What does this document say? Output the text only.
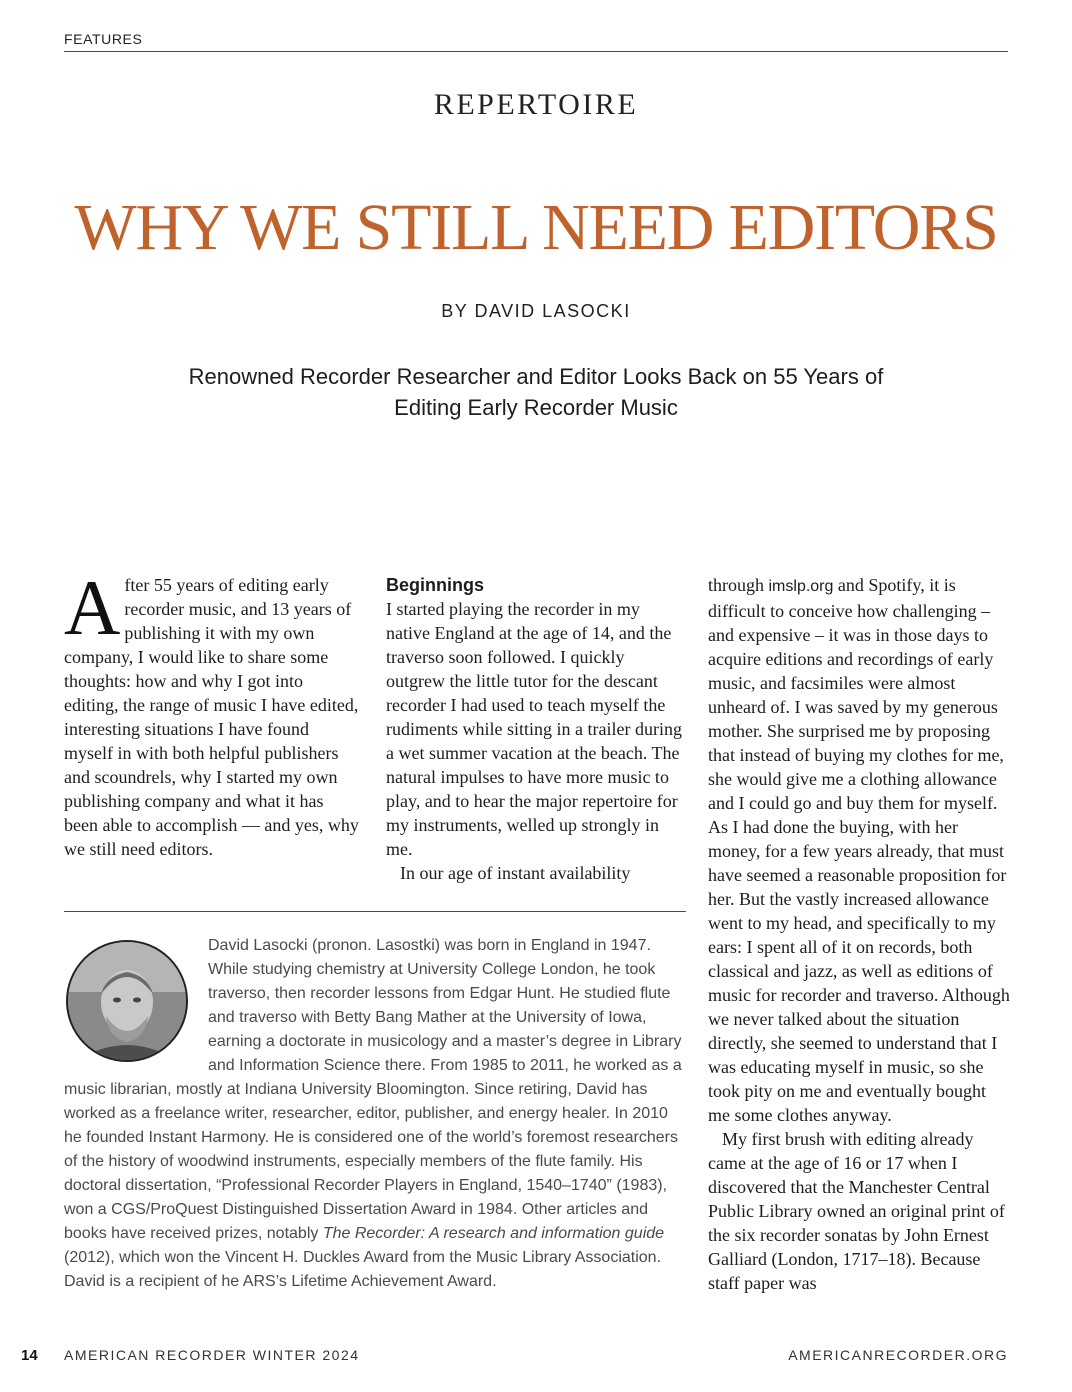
FEATURES
REPERTOIRE
WHY WE STILL NEED EDITORS
BY DAVID LASOCKI
Renowned Recorder Researcher and Editor Looks Back on 55 Years of Editing Early Recorder Music

After 55 years of editing early recorder music, and 13 years of publishing it with my own company, I would like to share some thoughts: how and why I got into editing, the range of music I have edited, interesting situations I have found myself in with both helpful publishers and scoundrels, why I started my own publishing company and what it has been able to accomplish — and yes, why we still need editors.

Beginnings

I started playing the recorder in my native England at the age of 14, and the traverso soon followed. I quickly outgrew the little tutor for the descant recorder I had used to teach myself the rudiments while sitting in a trailer during a wet summer vacation at the beach. The natural impulses to have more music to play, and to hear the major repertoire for my instruments, welled up strongly in me.

In our age of instant availability

through imslp.org and Spotify, it is difficult to conceive how challenging – and expensive – it was in those days to acquire editions and recordings of early music, and facsimiles were almost unheard of. I was saved by my generous mother. She surprised me by proposing that instead of buying my clothes for me, she would give me a clothing allowance and I could go and buy them for myself. As I had done the buying, with her money, for a few years already, that must have seemed a reasonable proposition for her. But the vastly increased allowance went to my head, and specifically to my ears: I spent all of it on records, both classical and jazz, as well as editions of music for recorder and traverso. Although we never talked about the situation directly, she seemed to understand that I was educating myself in music, so she took pity on me and eventually bought me some clothes anyway.

My first brush with editing already came at the age of 16 or 17 when I discovered that the Manchester Central Public Library owned an original print of the six recorder sonatas by John Ernest Galliard (London, 1717–18). Because staff paper was

David Lasocki (pronon. Lasostki) was born in England in 1947. While studying chemistry at University College London, he took traverso, then recorder lessons from Edgar Hunt. He studied flute and traverso with Betty Bang Mather at the University of Iowa, earning a doctorate in musicology and a master’s degree in Library and Information Science there. From 1985 to 2011, he worked as a music librarian, mostly at Indiana University Bloomington. Since retiring, David has worked as a freelance writer, researcher, editor, publisher, and energy healer. In 2010 he founded Instant Harmony. He is considered one of the world’s foremost researchers of the history of woodwind instruments, especially members of the flute family. His doctoral dissertation, “Professional Recorder Players in England, 1540–1740” (1983), won a CGS/ProQuest Distinguished Dissertation Award in 1984. Other articles and books have received prizes, notably The Recorder: A research and information guide (2012), which won the Vincent H. Duckles Award from the Music Library Association. David is a recipient of he ARS’s Lifetime Achievement Award.

14 AMERICAN RECORDER WINTER 2024	AMERICANRECORDER.ORG
